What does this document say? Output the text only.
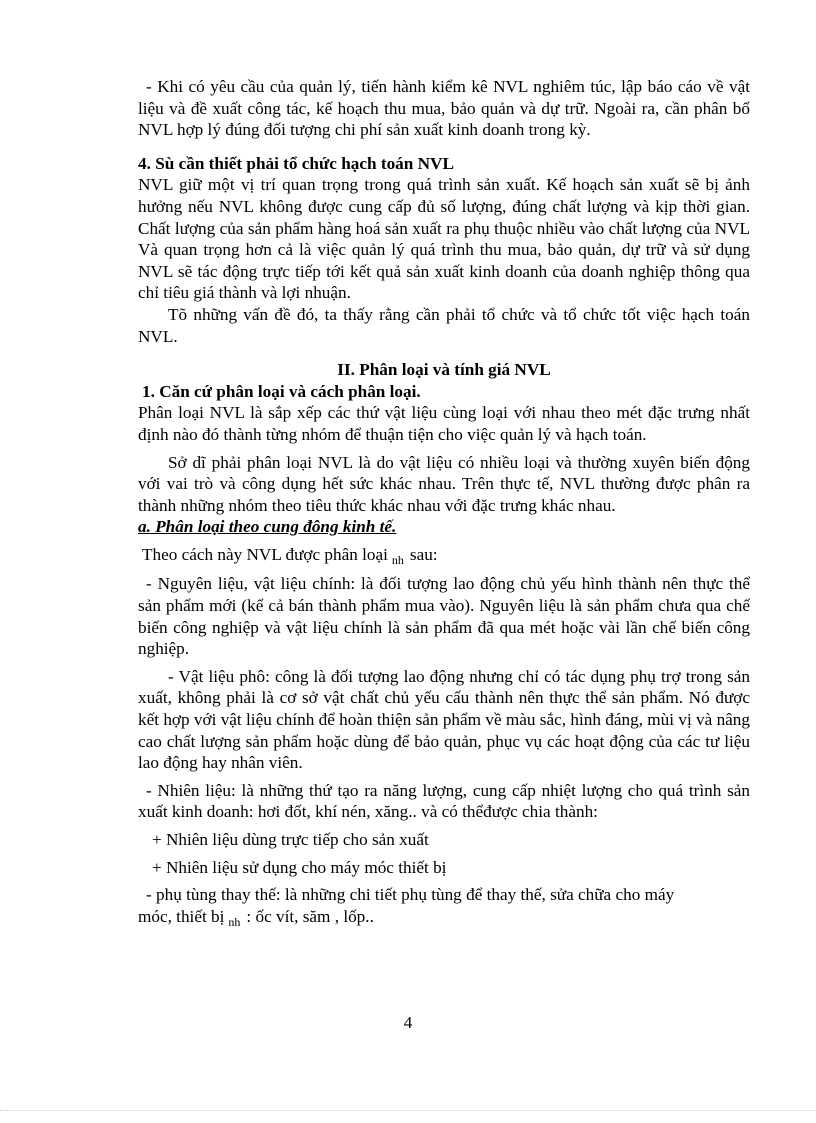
- Khi có yêu cầu của quản lý, tiến hành kiểm kê NVL nghiêm túc, lập báo cáo về vật liệu và đề xuất công tác, kế hoạch thu mua, bảo quản và dự trữ. Ngoài ra, cần phân bổ NVL hợp lý đúng đối tượng chi phí sản xuất kinh doanh trong kỳ.

4. Sù cần thiết phải tổ chức hạch toán NVL

NVL giữ một vị trí quan trọng trong quá trình sản xuất. Kế hoạch sản xuất sẽ bị ảnh hưởng nếu NVL không được cung cấp đủ số lượng, đúng chất lượng và kịp thời gian. Chất lượng của sản phẩm hàng hoá sản xuất ra phụ thuộc nhiều vào chất lượng của NVL Và quan trọng hơn cả là việc quản lý quá trình thu mua, bảo quản, dự trữ và sử dụng NVL sẽ tác động trực tiếp tới kết quả sản xuất kinh doanh của doanh nghiệp thông qua chỉ tiêu giá thành và lợi nhuận.

Tõ những vấn đề đó, ta thấy rằng cần phải tổ chức và tổ chức tốt việc hạch toán NVL.

II. Phân loại và tính giá NVL

1. Căn cứ phân loại và cách phân loại.

Phân loại NVL là sắp xếp các thứ vật liệu cùng loại với nhau theo mét đặc trưng nhất định nào đó thành từng nhóm để thuận tiện cho việc quản lý và hạch toán.

Sở dĩ phải phân loại NVL là do vật liệu có nhiều loại và thường xuyên biến động với vai trò và công dụng hết sức khác nhau. Trên thực tế, NVL thường được phân ra thành những nhóm theo tiêu thức khác nhau với đặc trưng khác nhau.

a. Phân loại theo cung đông kinh tế.

Theo cách này NVL được phân loại $_{nh}$ sau:

- Nguyên liệu, vật liệu chính: là đối tượng lao động chủ yếu hình thành nên thực thể sản phẩm mới (kể cả bán thành phẩm mua vào). Nguyên liệu là sản phẩm chưa qua chế biến công nghiệp và vật liệu chính là sản phẩm đã qua mét hoặc vài lần chế biến công nghiệp.

- Vật liệu phô: công là đối tượng lao động nhưng chỉ có tác dụng phụ trợ trong sản xuất, không phải là cơ sở vật chất chủ yếu cấu thành nên thực thể sản phẩm. Nó được kết hợp với vật liệu chính để hoàn thiện sản phẩm về màu sắc, hình đáng, mùi vị và nâng cao chất lượng sản phẩm hoặc dùng để bảo quản, phục vụ các hoạt động của các tư liệu lao động hay nhân viên.

- Nhiên liệu: là những thứ tạo ra năng lượng, cung cấp nhiệt lượng cho quá trình sản xuất kinh doanh: hơi đốt, khí nén, xăng.. và có thểđược chia thành:

+ Nhiên liệu dùng trực tiếp cho sản xuất

+ Nhiên liệu sử dụng cho máy móc thiết bị

- phụ tùng thay thế: là những chi tiết phụ tùng để thay thế, sửa chữa cho máy

móc, thiết bị $_{nh}$ : ốc vít, săm , lốp..

4
